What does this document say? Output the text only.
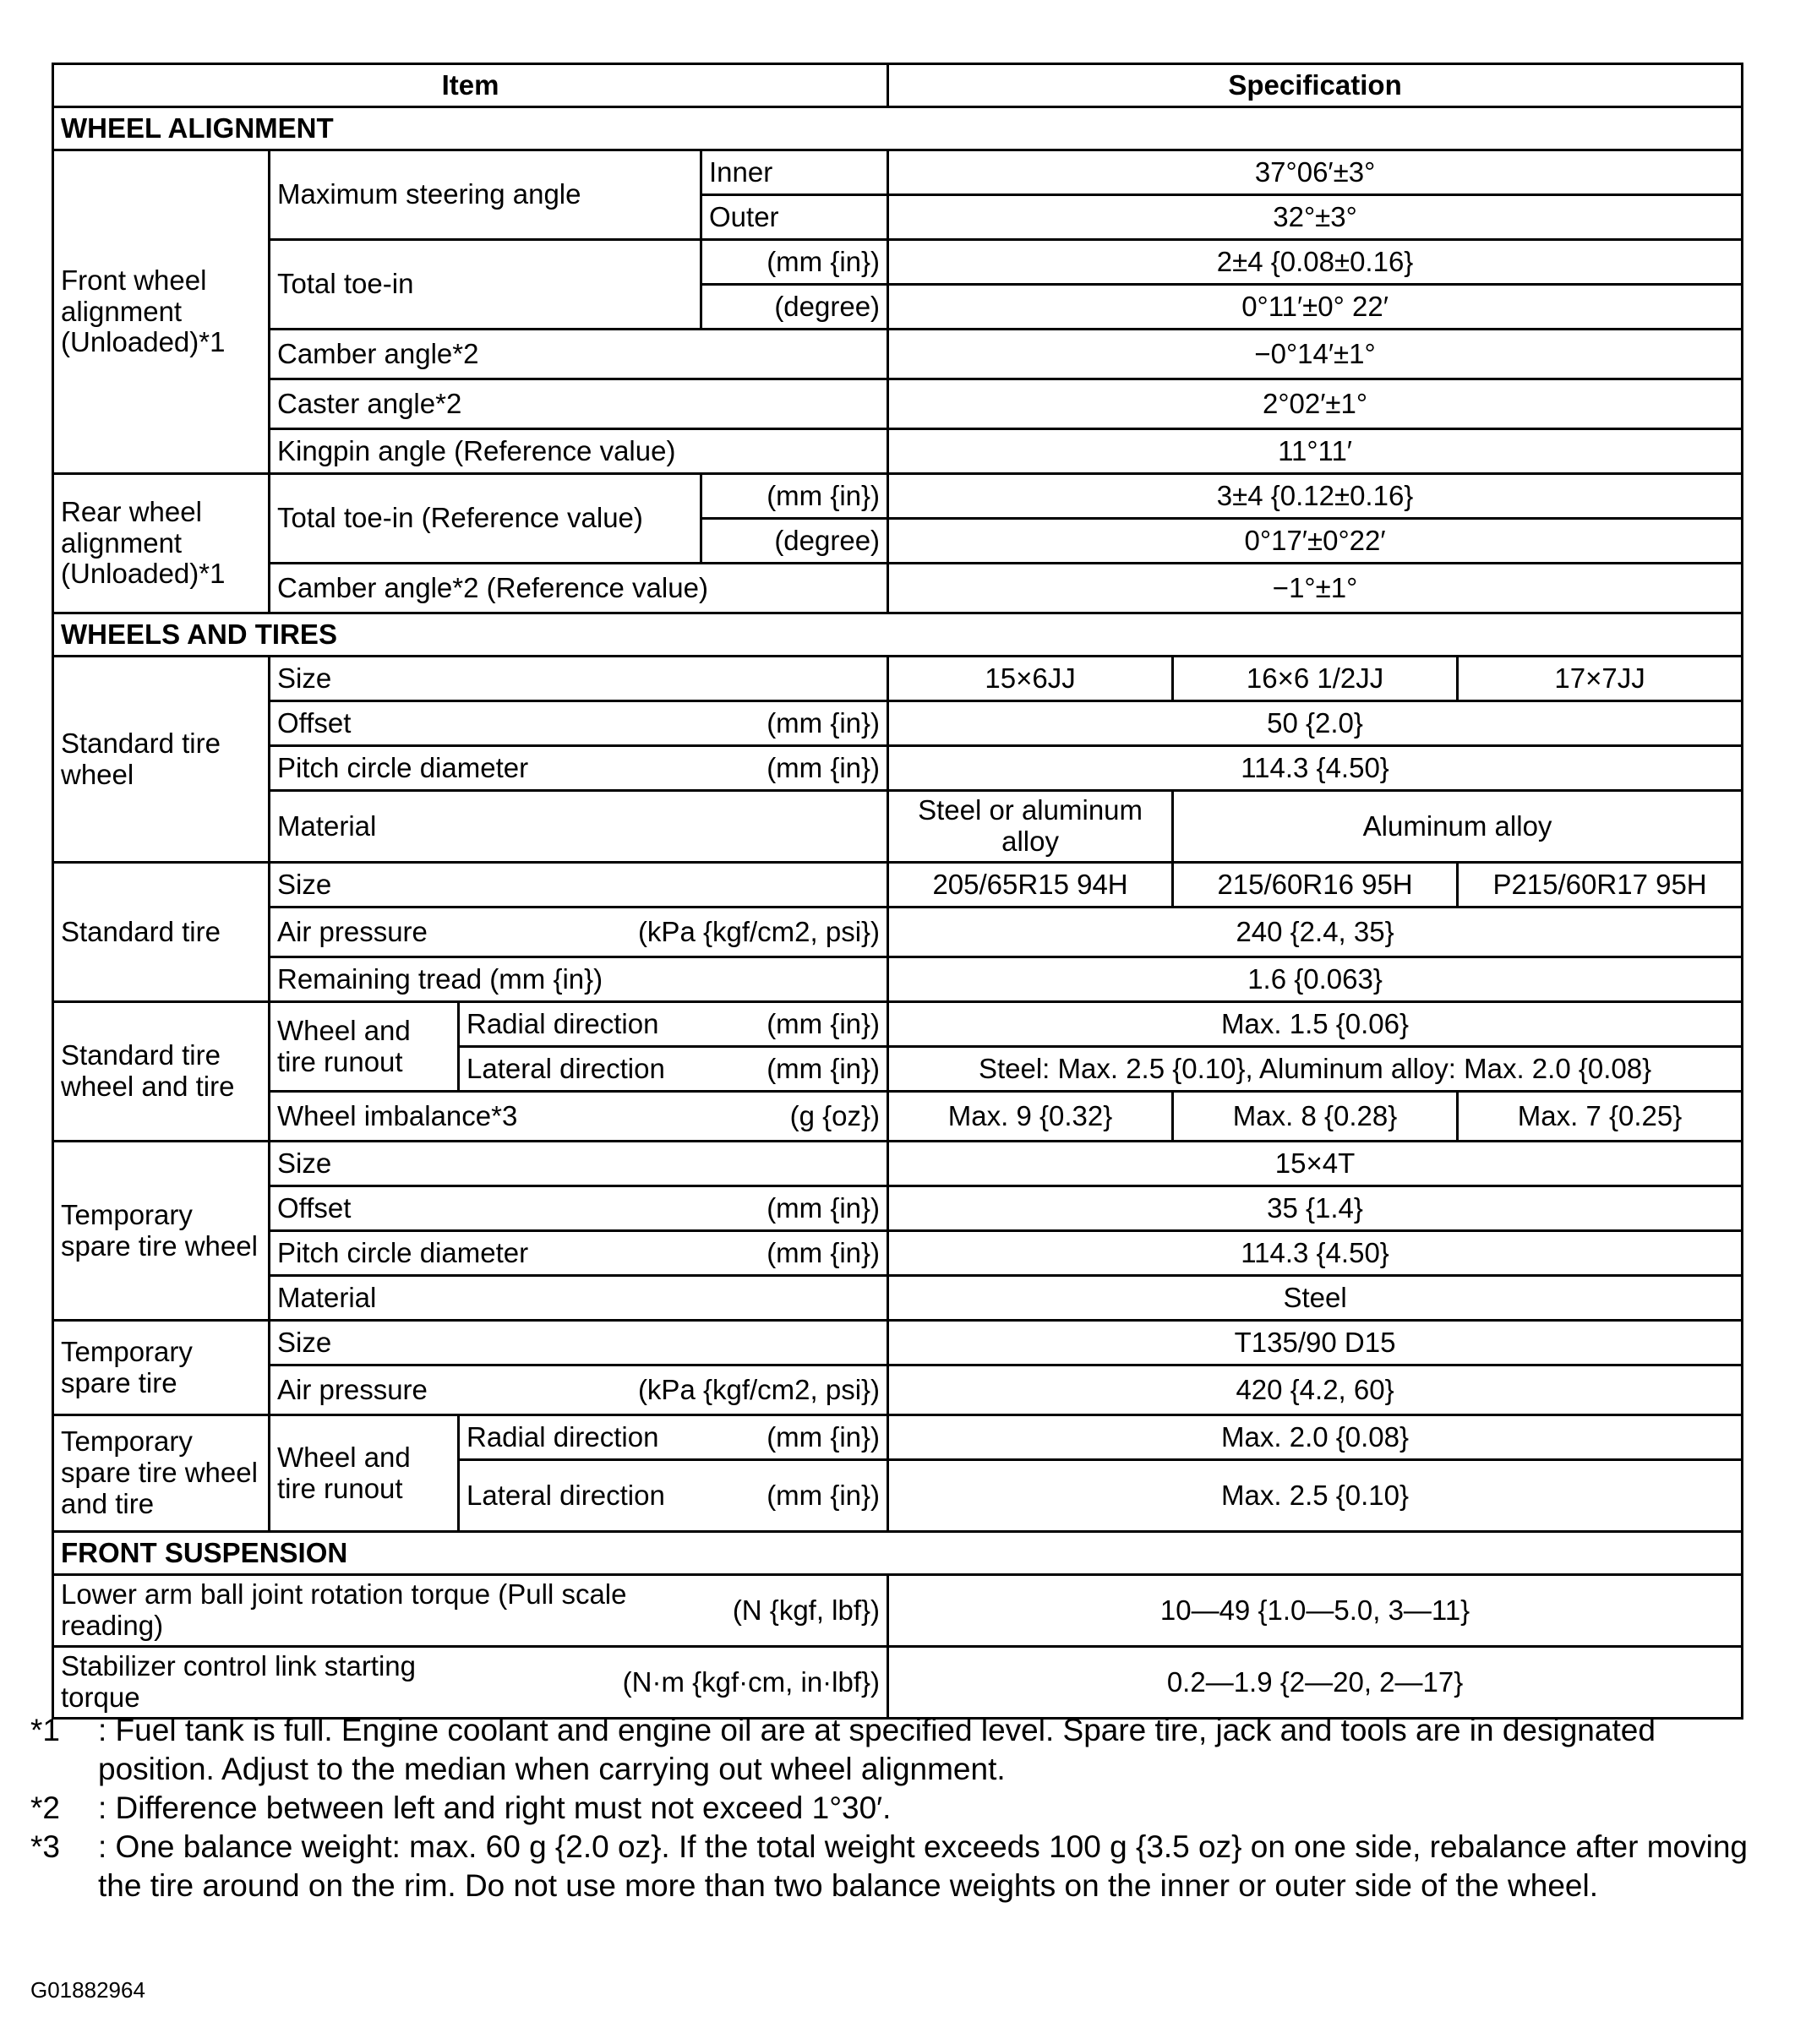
Item				Specification		
WHEEL ALIGNMENT						
Front wheel alignment (Unloaded)*1	Maximum steering angle		Inner	37°06′±3°		
			Outer	32°±3°		
	Total toe-in		(mm {in})	2±4 {0.08±0.16}		
			(degree)	0°11′±0° 22′		
	Camber angle*2			−0°14′±1°		
	Caster angle*2			2°02′±1°		
	Kingpin angle (Reference value)			11°11′		
Rear wheel alignment (Unloaded)*1	Total toe-in (Reference value)		(mm {in})	3±4 {0.12±0.16}		
			(degree)	0°17′±0°22′		
	Camber angle*2 (Reference value)			−1°±1°		
WHEELS AND TIRES						
Standard tire wheel	Size			15×6JJ	16×6 1/2JJ	17×7JJ

	Offset (mm {in})			50 {2.0}		

	Pitch circle diameter (mm {in})			114.3 {4.50}		
	Material			Steel or aluminum alloy	Aluminum alloy	
Standard tire	Size			205/65R15 94H	215/60R16 95H	P215/60R17 95H

	Air pressure (kPa {kgf/cm2, psi})			240 {2.4, 35}		
	Remaining tread (mm {in})			1.6 {0.063}		
Standard tire wheel and tire	Wheel and tire runout	Radial direction (mm {in})		Max. 1.5 {0.06}		

		Lateral direction (mm {in})		Steel: Max. 2.5 {0.10}, Aluminum alloy: Max. 2.0 {0.08}		

	Wheel imbalance*3 (g {oz})			Max. 9 {0.32}	Max. 8 {0.28}	Max. 7 {0.25}
Temporary spare tire wheel	Size			15×4T		

	Offset (mm {in})			35 {1.4}		

	Pitch circle diameter (mm {in})			114.3 {4.50}		
	Material			Steel		
Temporary spare tire	Size			T135/90 D15		

	Air pressure (kPa {kgf/cm2, psi})			420 {4.2, 60}		
Temporary spare tire wheel and tire	Wheel and tire runout	Radial direction (mm {in})		Max. 2.0 {0.08}		

		Lateral direction (mm {in})		Max. 2.5 {0.10}		
FRONT SUSPENSION						

Lower arm ball joint rotation torque (Pull scale reading) (N {kgf, lbf})				10—49 {1.0—5.0, 3—11}		

Stabilizer control link starting torque (N·m {kgf·cm, in·lbf})				0.2—1.9 {2—20, 2—17}		
*1	: Fuel tank is full. Engine coolant and engine oil are at specified level. Spare tire, jack and tools are in designated position. Adjust to the median when carrying out wheel alignment.
*2	: Difference between left and right must not exceed 1°30′.
*3	: One balance weight: max. 60 g {2.0 oz}. If the total weight exceeds 100 g {3.5 oz} on one side, rebalance after moving the tire around on the rim. Do not use more than two balance weights on the inner or outer side of the wheel.
G01882964
